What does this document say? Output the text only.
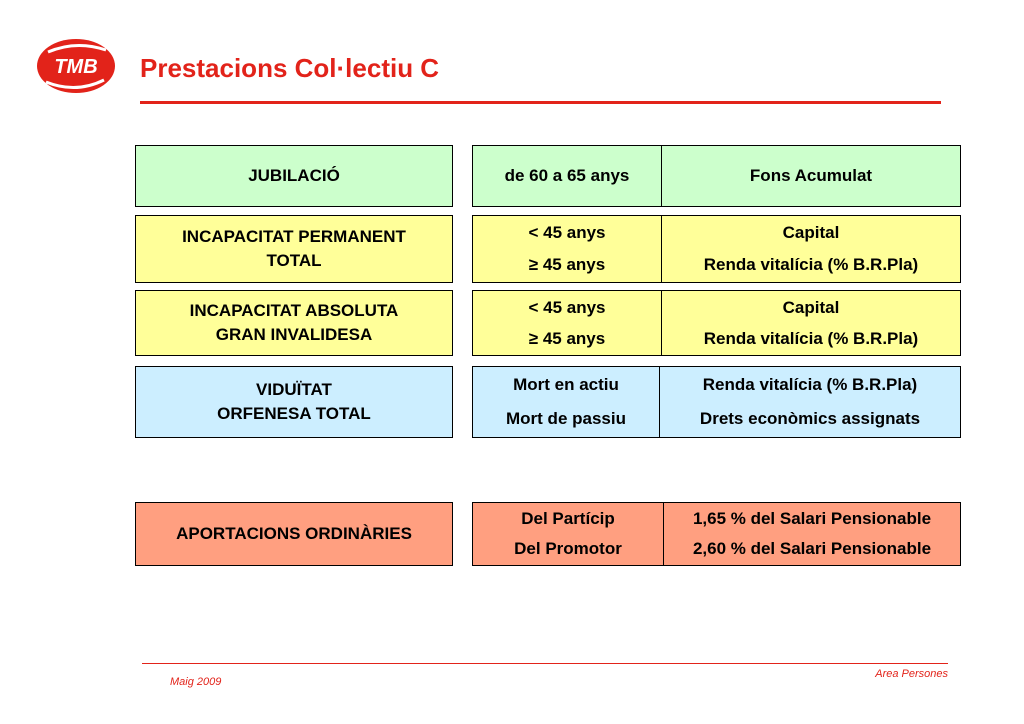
TMB Prestacions Col·lectiu C
JUBILACIÓ	de 60 a 65 anys	Fons Acumulat
INCAPACITAT PERMANENT
TOTAL
< 45 anys
≥ 45 anys
Capital
Renda vitalícia (% B.R.Pla)
INCAPACITAT ABSOLUTA
GRAN INVALIDESA
< 45 anys
≥ 45 anys
Capital
Renda vitalícia (% B.R.Pla)
VIDUÏTAT
ORFENESA TOTAL
Mort en actiu
Mort de passiu
Renda vitalícia (% B.R.Pla)
Drets econòmics assignats
APORTACIONS ORDINÀRIES
Del Partícip
Del Promotor
1,65 % del Salari Pensionable
2,60 % del Salari Pensionable
Area Persones
Maig 2009
